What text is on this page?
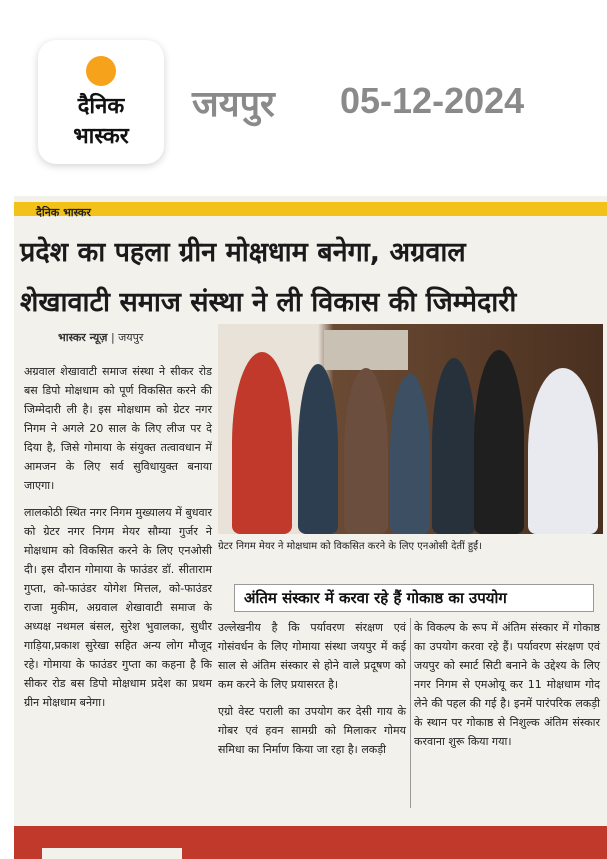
दैनिक
भास्कर
जयपुर 05-12-2024
दैनिक भास्कर
प्रदेश का पहला ग्रीन मोक्षधाम बनेगा, अग्रवाल
शेखावाटी समाज संस्था ने ली विकास की जिम्मेदारी
भास्कर न्यूज़ | जयपुर

अग्रवाल शेखावाटी समाज संस्था ने सीकर रोड बस डिपो मोक्षधाम को पूर्ण विकसित करने की जिम्मेदारी ली है। इस मोक्षधाम को ग्रेटर नगर निगम ने अगले 20 साल के लिए लीज पर दे दिया है, जिसे गोमाया के संयुक्त तत्वावधान में आमजन के लिए सर्व सुविधायुक्त बनाया जाएगा।

लालकोठी स्थित नगर निगम मुख्यालय में बुधवार को ग्रेटर नगर निगम मेयर सौम्या गुर्जर ने मोक्षधाम को विकसित करने के लिए एनओसी दी। इस दौरान गोमाया के फाउंडर डॉ. सीताराम गुप्ता, को-फाउंडर योगेश मित्तल, को-फाउंडर राजा मुकीम, अग्रवाल शेखावाटी समाज के अध्यक्ष नथमल बंसल, सुरेश भुवालका, सुधीर गाड़िया,प्रकाश सुरेखा सहित अन्य लोग मौजूद रहे। गोमाया के फाउंडर गुप्ता का कहना है कि सीकर रोड बस डिपो मोक्षधाम प्रदेश का प्रथम ग्रीन मोक्षधाम बनेगा।

ग्रेटर निगम मेयर ने मोक्षधाम को विकसित करने के लिए एनओसी देतीं हुईं।
अंतिम संस्कार में करवा रहे हैं गोकाष्ठ का उपयोग

उल्लेखनीय है कि पर्यावरण संरक्षण एवं गोसंवर्धन के लिए गोमाया संस्था जयपुर में कई साल से अंतिम संस्कार से होने वाले प्रदूषण को कम करने के लिए प्रयासरत है।

एग्रो वेस्ट पराली का उपयोग कर देसी गाय के गोबर एवं हवन सामग्री को मिलाकर गोमय समिधा का निर्माण किया जा रहा है। लकड़ी

के विकल्प के रूप में अंतिम संस्कार में गोकाष्ठ का उपयोग करवा रहे हैं। पर्यावरण संरक्षण एवं जयपुर को स्मार्ट सिटी बनाने के उद्देश्य के लिए नगर निगम से एमओयू कर 11 मोक्षधाम गोद लेने की पहल की गई है। इनमें पारंपरिक लकड़ी के स्थान पर गोकाष्ठ से निशुल्क अंतिम संस्कार करवाना शुरू किया गया।
